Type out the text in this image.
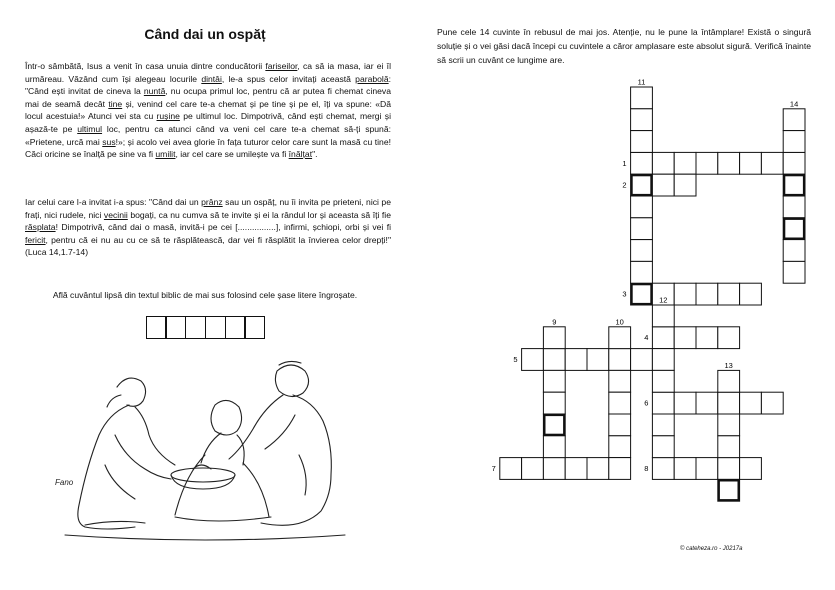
Când dai un ospăț

Într-o sâmbătă, Isus a venit în casa unuia dintre conducătorii fariseilor, ca să ia masa, iar ei îl urmăreau. Văzând cum își alegeau locurile dintâi, le-a spus celor invitați această parabolă: "Când ești invitat de cineva la nuntă, nu ocupa primul loc, pentru că ar putea fi chemat cineva mai de seamă decât tine și, venind cel care te-a chemat și pe tine și pe el, îți va spune: «Dă locul acestuia!» Atunci vei sta cu rușine pe ultimul loc. Dimpotrivă, când ești chemat, mergi și așază-te pe ultimul loc, pentru ca atunci când va veni cel care te-a chemat să-ți spună: «Prietene, urcă mai sus!»; și acolo vei avea glorie în fața tuturor celor care sunt la masă cu tine! Căci oricine se înalță pe sine va fi umilit, iar cel care se umilește va fi înălțat".

Iar celui care l-a invitat i-a spus: "Când dai un prânz sau un ospăț, nu îi invita pe prieteni, nici pe frați, nici rudele, nici vecinii bogați, ca nu cumva să te invite și ei la rândul lor și aceasta să îți fie răsplata! Dimpotrivă, când dai o masă, invită-i pe cei [................], infirmi, șchiopi, orbi și vei fi fericit, pentru că ei nu au cu ce să te răsplătească, dar vei fi răsplătit la învierea celor drepți!" (Luca 14,1.7-14)

Află cuvântul lipsă din textul biblic de mai sus folosind cele șase litere îngroșate.

Fano

Pune cele 14 cuvinte în rebusul de mai jos. Atenție, nu le pune la întâmplare! Există o singură soluție și o vei găsi dacă începi cu cuvintele a căror amplasare este absolut sigură. Verifică înainte să scrii un cuvânt ce lungime are.

1
2
3
4
5
6
7	8
11
14
12
9	10
13
© cateheza.ro - J0217a
